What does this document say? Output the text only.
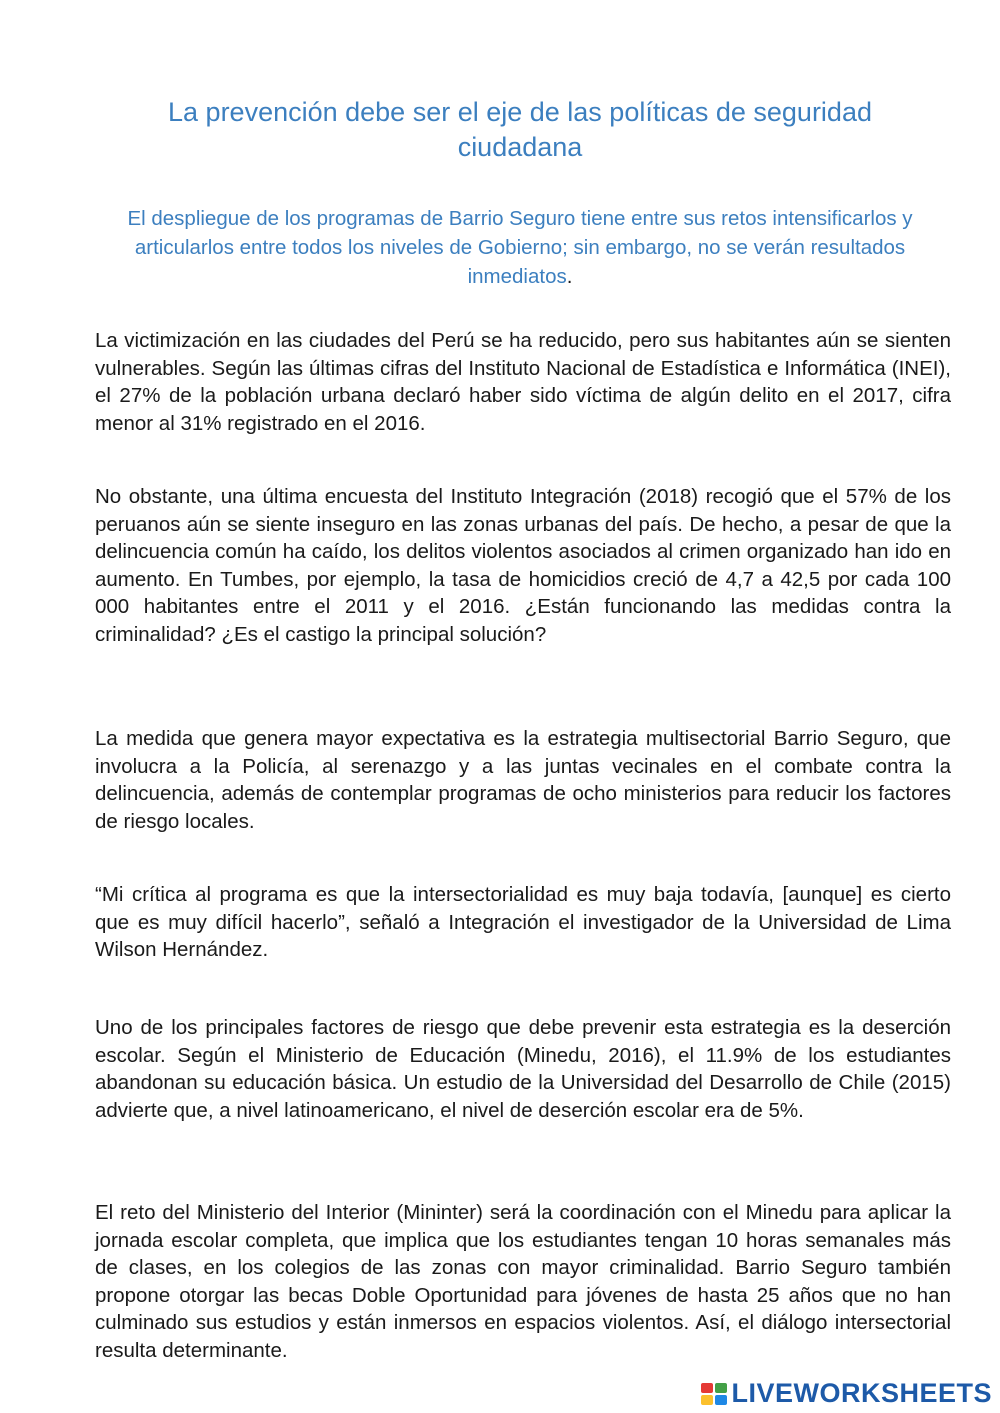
La prevención debe ser el eje de las políticas de seguridad ciudadana

El despliegue de los programas de Barrio Seguro tiene entre sus retos intensificarlos y articularlos entre todos los niveles de Gobierno; sin embargo, no se verán resultados inmediatos.

La victimización en las ciudades del Perú se ha reducido, pero sus habitantes aún se sienten vulnerables. Según las últimas cifras del Instituto Nacional de Estadística e Informática (INEI), el 27% de la población urbana declaró haber sido víctima de algún delito en el 2017, cifra menor al 31% registrado en el 2016.

No obstante, una última encuesta del Instituto Integración (2018) recogió que el 57% de los peruanos aún se siente inseguro en las zonas urbanas del país. De hecho, a pesar de que la delincuencia común ha caído, los delitos violentos asociados al crimen organizado han ido en aumento. En Tumbes, por ejemplo, la tasa de homicidios creció de 4,7 a 42,5 por cada 100 000 habitantes entre el 2011 y el 2016. ¿Están funcionando las medidas contra la criminalidad? ¿Es el castigo la principal solución?

La medida que genera mayor expectativa es la estrategia multisectorial Barrio Seguro, que involucra a la Policía, al serenazgo y a las juntas vecinales en el combate contra la delincuencia, además de contemplar programas de ocho ministerios para reducir los factores de riesgo locales.

“Mi crítica al programa es que la intersectorialidad es muy baja todavía, [aunque] es cierto que es muy difícil hacerlo”, señaló a Integración el investigador de la Universidad de Lima Wilson Hernández.

Uno de los principales factores de riesgo que debe prevenir esta estrategia es la deserción escolar. Según el Ministerio de Educación (Minedu, 2016), el 11.9% de los estudiantes abandonan su educación básica. Un estudio de la Universidad del Desarrollo de Chile (2015) advierte que, a nivel latinoamericano, el nivel de deserción escolar era de 5%.

El reto del Ministerio del Interior (Mininter) será la coordinación con el Minedu para aplicar la jornada escolar completa, que implica que los estudiantes tengan 10 horas semanales más de clases, en los colegios de las zonas con mayor criminalidad. Barrio Seguro también propone otorgar las becas Doble Oportunidad para jóvenes de hasta 25 años que no han culminado sus estudios y están inmersos en espacios violentos. Así, el diálogo intersectorial resulta determinante.

LIVEWORKSHEETS
